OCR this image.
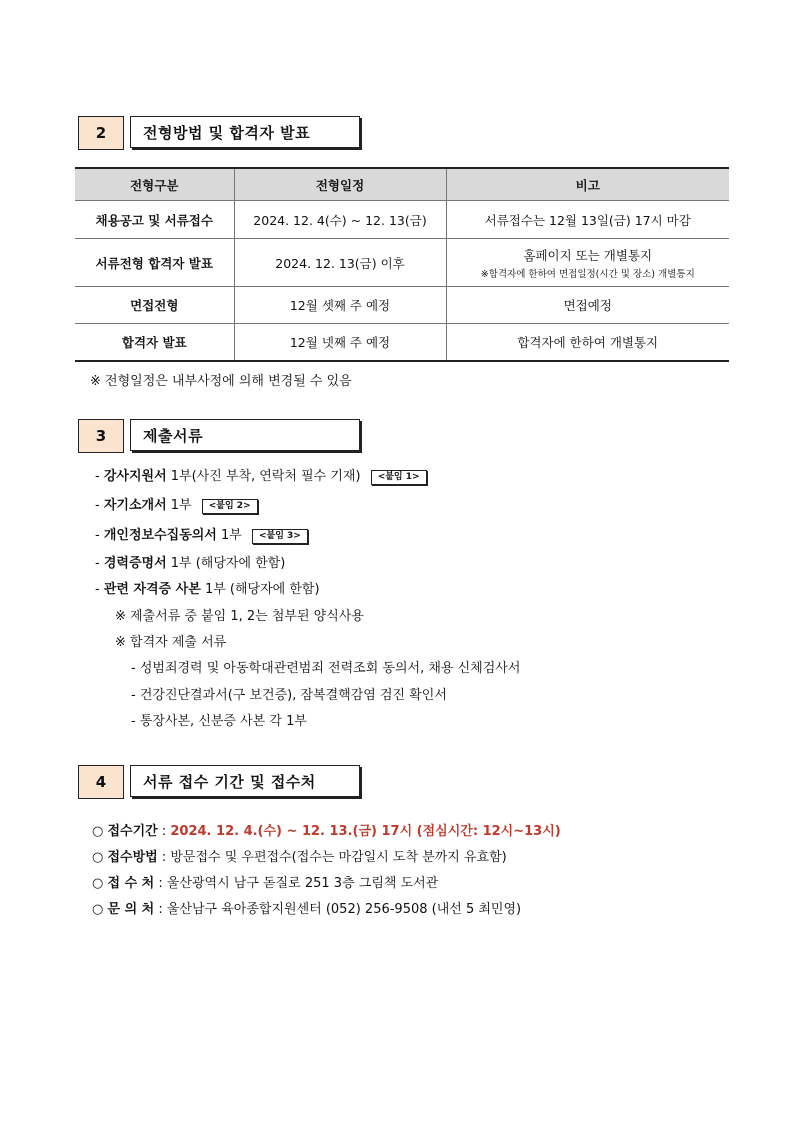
2	전형방법 및 합격자 발표
전형구분	전형일정	비고
채용공고 및 서류접수	2024. 12. 4(수) ~ 12. 13(금)	서류접수는 12월 13일(금) 17시 마감
서류전형 합격자 발표	2024. 12. 13(금) 이후	홈페이지 또는 개별통지
※합격자에 한하여 면접일정(시간 및 장소) 개별통지

면접전형	12월 셋째 주 예정	면접예정
합격자 발표	12월 넷째 주 예정	합격자에 한하여 개별통지
※ 전형일정은 내부사정에 의해 변경될 수 있음
3	제출서류
- 강사지원서 1부(사진 부착, 연락처 필수 기재) <붙임 1>
- 자기소개서 1부 <붙임 2>
- 개인정보수집동의서 1부 <붙임 3>
- 경력증명서 1부 (해당자에 한함)
- 관련 자격증 사본 1부 (해당자에 한함)
※ 제출서류 중 붙임 1, 2는 첨부된 양식사용
※ 합격자 제출 서류
- 성범죄경력 및 아동학대관련범죄 전력조회 동의서, 채용 신체검사서
- 건강진단결과서(구 보건증), 잠복결핵감염 검진 확인서
- 통장사본, 신분증 사본 각 1부
4	서류 접수 기간 및 접수처
○ 접수기간 : 2024. 12. 4.(수) ~ 12. 13.(금) 17시 (점심시간: 12시~13시)
○ 접수방법 : 방문접수 및 우편접수(접수는 마감일시 도착 분까지 유효함)
○ 접 수 처 : 울산광역시 남구 돋질로 251 3층 그림책 도서관
○ 문 의 처 : 울산남구 육아종합지원센터 (052) 256-9508 (내선 5 최민영)
